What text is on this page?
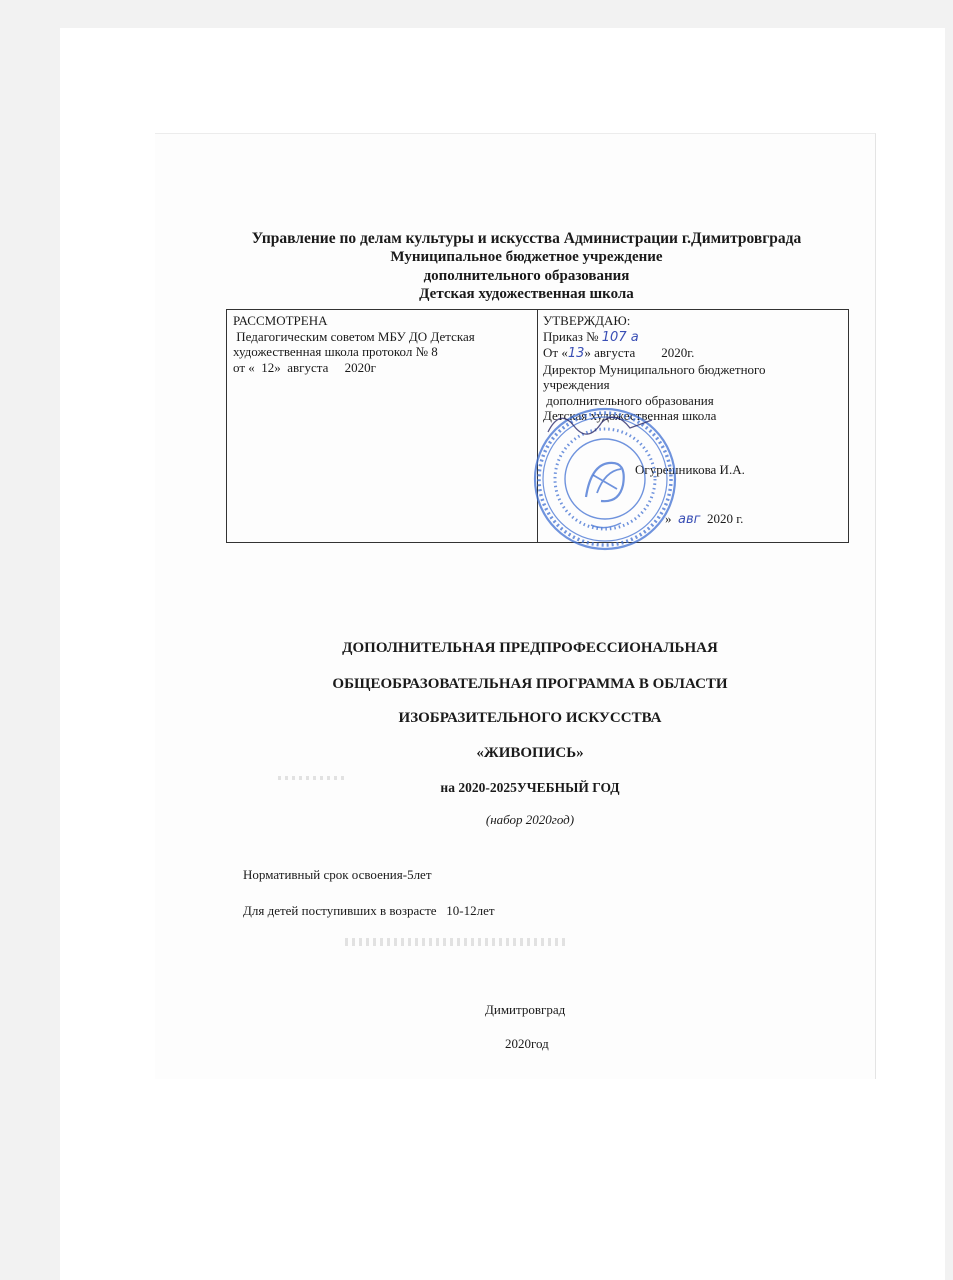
Управление по делам культуры и искусства Администрации г.Димитровграда
Муниципальное бюджетное учреждение
дополнительного образования
Детская художественная школа
РАССМОТРЕНА
Педагогическим советом МБУ ДО Детская
художественная школа протокол № 8
от «  12»  августа     2020г
УТВЕРЖДАЮ:
Приказ № 107 а
От «13» августа        2020г.
Директор Муниципального бюджетного
учреждения
дополнительного образования
Детская художественная школа
Огурешникова И.А.
» авг 2020 г.
ДОПОЛНИТЕЛЬНАЯ ПРЕДПРОФЕССИОНАЛЬНАЯ
ОБЩЕОБРАЗОВАТЕЛЬНАЯ ПРОГРАММА В ОБЛАСТИ
ИЗОБРАЗИТЕЛЬНОГО ИСКУССТВА
«ЖИВОПИСЬ»
на 2020-2025УЧЕБНЫЙ ГОД
(набор 2020год)
Нормативный срок освоения-5лет
Для детей поступивших в возрасте   10-12лет
Димитровград
2020год
